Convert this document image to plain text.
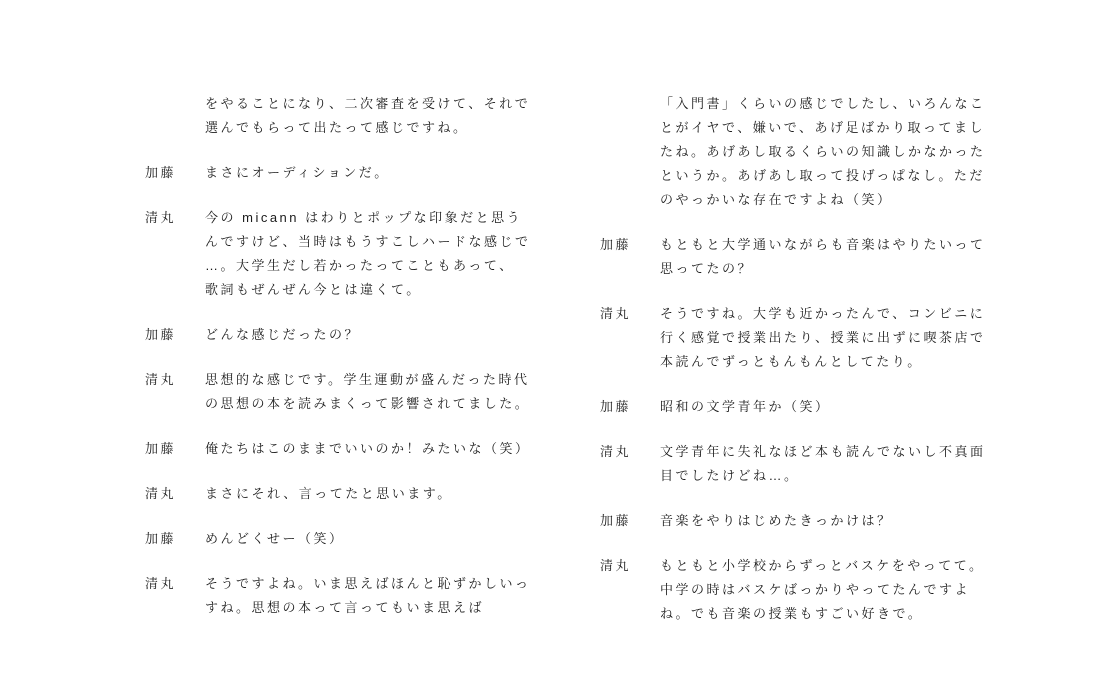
をやることになり、二次審査を受けて、それで
選んでもらって出たって感じですね。
加藤	まさにオーディションだ。
清丸	今の micann はわりとポップな印象だと思う
んですけど、当時はもうすこしハードな感じで
…。大学生だし若かったってこともあって、
歌詞もぜんぜん今とは違くて。
加藤	どんな感じだったの？
清丸	思想的な感じです。学生運動が盛んだった時代
の思想の本を読みまくって影響されてました。
加藤	俺たちはこのままでいいのか！みたいな（笑）
清丸	まさにそれ、言ってたと思います。
加藤	めんどくせー（笑）
清丸	そうですよね。いま思えばほんと恥ずかしいっ
すね。思想の本って言ってもいま思えば
「入門書」くらいの感じでしたし、いろんなこ
とがイヤで、嫌いで、あげ足ばかり取ってまし
たね。あげあし取るくらいの知識しかなかった
というか。あげあし取って投げっぱなし。ただ
のやっかいな存在ですよね（笑）
加藤	もともと大学通いながらも音楽はやりたいって
思ってたの？
清丸	そうですね。大学も近かったんで、コンビニに
行く感覚で授業出たり、授業に出ずに喫茶店で
本読んでずっともんもんとしてたり。
加藤	昭和の文学青年か（笑）
清丸	文学青年に失礼なほど本も読んでないし不真面
目でしたけどね…。
加藤	音楽をやりはじめたきっかけは？
清丸	もともと小学校からずっとバスケをやってて。
中学の時はバスケばっかりやってたんですよ
ね。でも音楽の授業もすごい好きで。
